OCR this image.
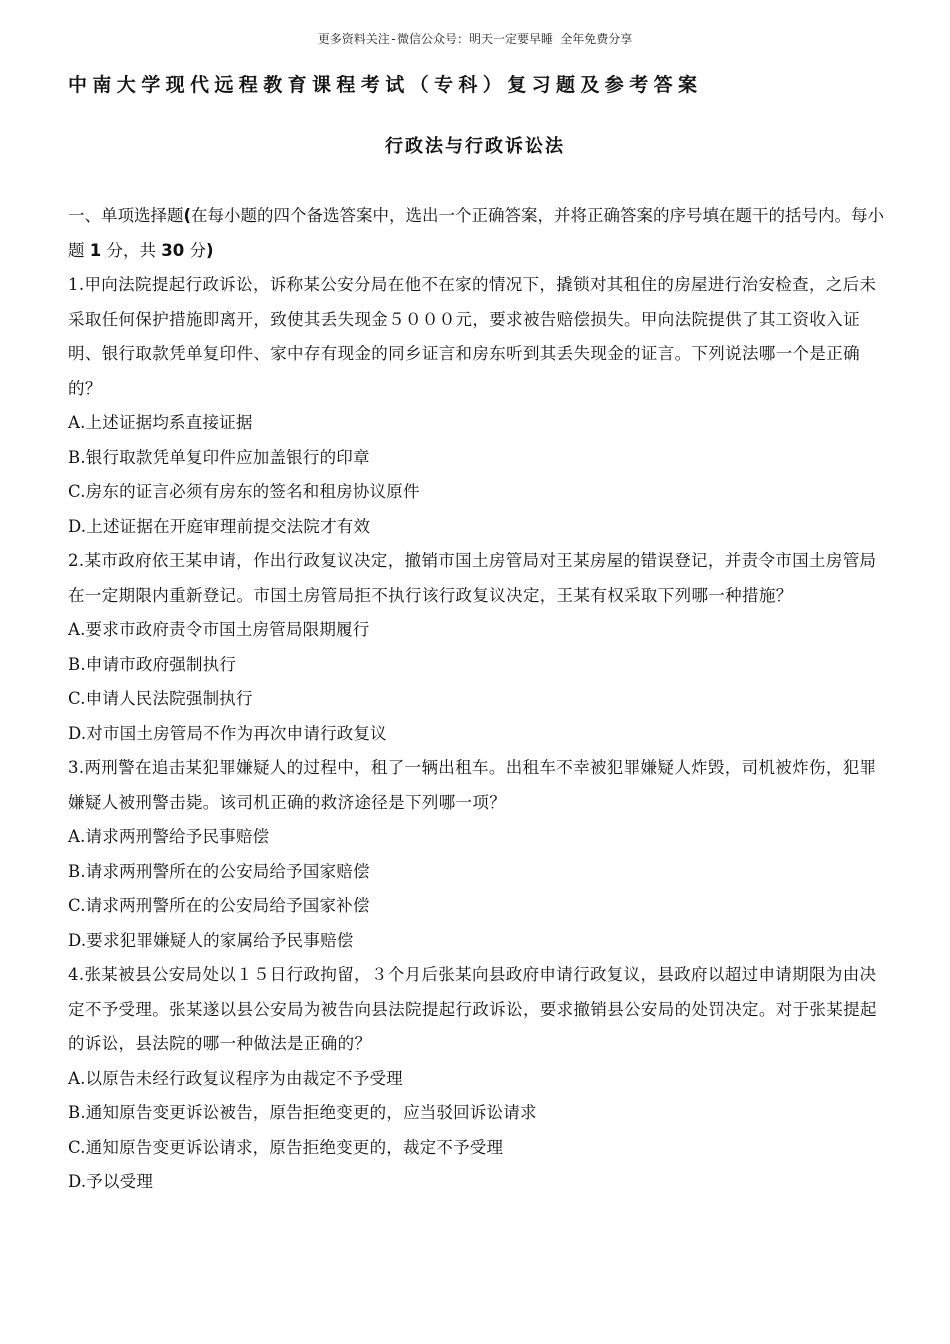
更多资料关注-微信公众号：明天一定要早睡 全年免费分享
中南大学现代远程教育课程考试（专科）复习题及参考答案
行政法与行政诉讼法

一、单项选择题(在每小题的四个备选答案中，选出一个正确答案，并将正确答案的序号填在题干的括号内。每小题 1 分，共 30 分)

1.甲向法院提起行政诉讼，诉称某公安分局在他不在家的情况下，撬锁对其租住的房屋进行治安检查，之后未采取任何保护措施即离开，致使其丢失现金５０００元，要求被告赔偿损失。甲向法院提供了其工资收入证明、银行取款凭单复印件、家中存有现金的同乡证言和房东听到其丢失现金的证言。下列说法哪一个是正确的？

A.上述证据均系直接证据

B.银行取款凭单复印件应加盖银行的印章

C.房东的证言必须有房东的签名和租房协议原件

D.上述证据在开庭审理前提交法院才有效

2.某市政府依王某申请，作出行政复议决定，撤销市国土房管局对王某房屋的错误登记，并责令市国土房管局在一定期限内重新登记。市国土房管局拒不执行该行政复议决定，王某有权采取下列哪一种措施？

A.要求市政府责令市国土房管局限期履行

B.申请市政府强制执行

C.申请人民法院强制执行

D.对市国土房管局不作为再次申请行政复议

3.两刑警在追击某犯罪嫌疑人的过程中，租了一辆出租车。出租车不幸被犯罪嫌疑人炸毁，司机被炸伤，犯罪嫌疑人被刑警击毙。该司机正确的救济途径是下列哪一项？

A.请求两刑警给予民事赔偿

B.请求两刑警所在的公安局给予国家赔偿

C.请求两刑警所在的公安局给予国家补偿

D.要求犯罪嫌疑人的家属给予民事赔偿

4.张某被县公安局处以１５日行政拘留，３个月后张某向县政府申请行政复议，县政府以超过申请期限为由决定不予受理。张某遂以县公安局为被告向县法院提起行政诉讼，要求撤销县公安局的处罚决定。对于张某提起的诉讼，县法院的哪一种做法是正确的？

A.以原告未经行政复议程序为由裁定不予受理

B.通知原告变更诉讼被告，原告拒绝变更的，应当驳回诉讼请求

C.通知原告变更诉讼请求，原告拒绝变更的，裁定不予受理

D.予以受理
